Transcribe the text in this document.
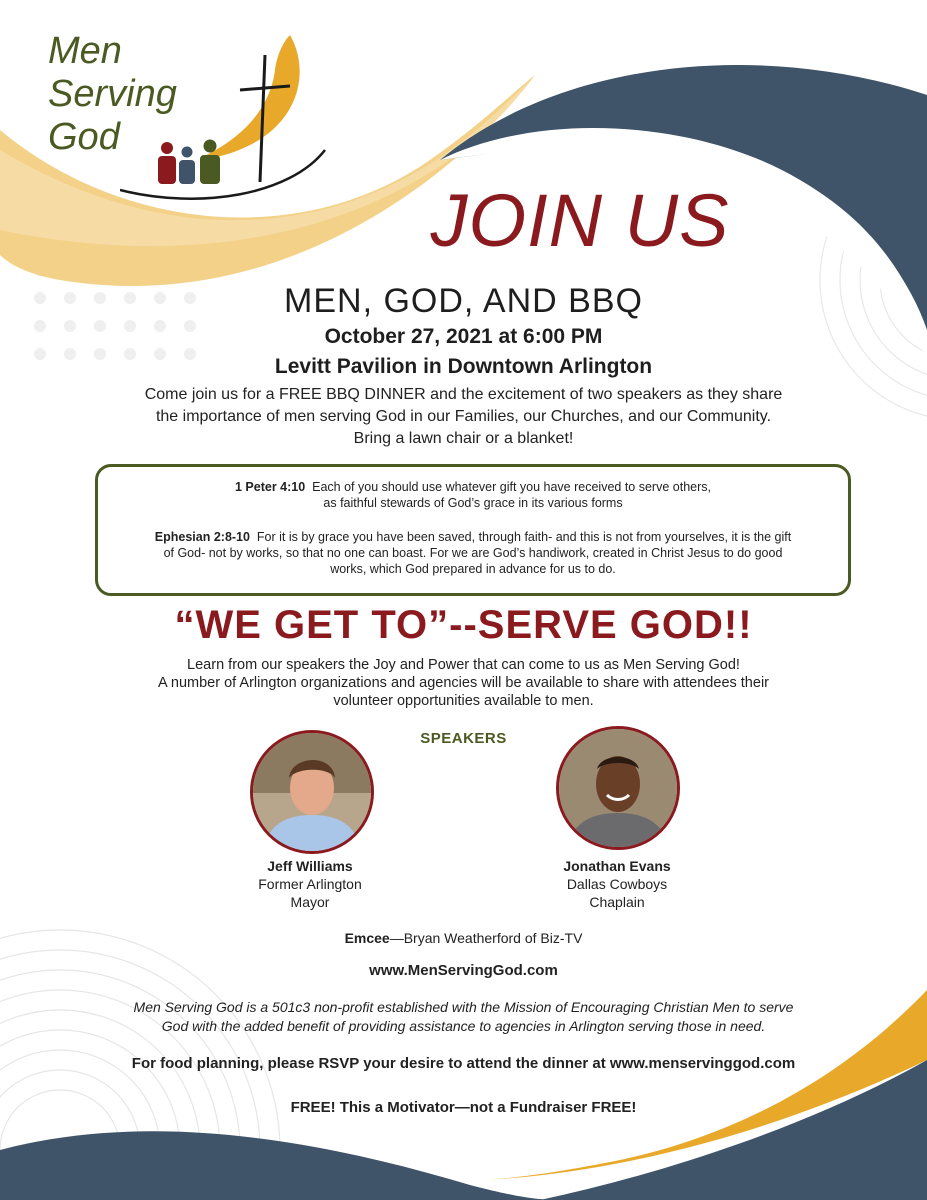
Men
Serving
God
JOIN US
MEN, GOD, AND BBQ
October 27, 2021 at 6:00 PM
Levitt Pavilion in Downtown Arlington
Come join us for a FREE BBQ DINNER and the excitement of two speakers as they share
the importance of men serving God in our Families, our Churches, and our Community.
Bring a lawn chair or a blanket!
1 Peter 4:10 Each of you should use whatever gift you have received to serve others,
as faithful stewards of God’s grace in its various forms
Ephesian 2:8-10 For it is by grace you have been saved, through faith- and this is not from yourselves, it is the gift
of God- not by works, so that no one can boast. For we are God’s handiwork, created in Christ Jesus to do good
works, which God prepared in advance for us to do.
“WE GET TO”--SERVE GOD!!
Learn from our speakers the Joy and Power that can come to us as Men Serving God!
A number of Arlington organizations and agencies will be available to share with attendees their
volunteer opportunities available to men.
SPEAKERS
Jeff Williams
Former Arlington
Mayor
Jonathan Evans
Dallas Cowboys
Chaplain
Emcee—Bryan Weatherford of Biz-TV
www.MenServingGod.com
Men Serving God is a 501c3 non-profit established with the Mission of Encouraging Christian Men to serve
God with the added benefit of providing assistance to agencies in Arlington serving those in need.
For food planning, please RSVP your desire to attend the dinner at www.menservinggod.com
FREE! This a Motivator—not a Fundraiser FREE!
